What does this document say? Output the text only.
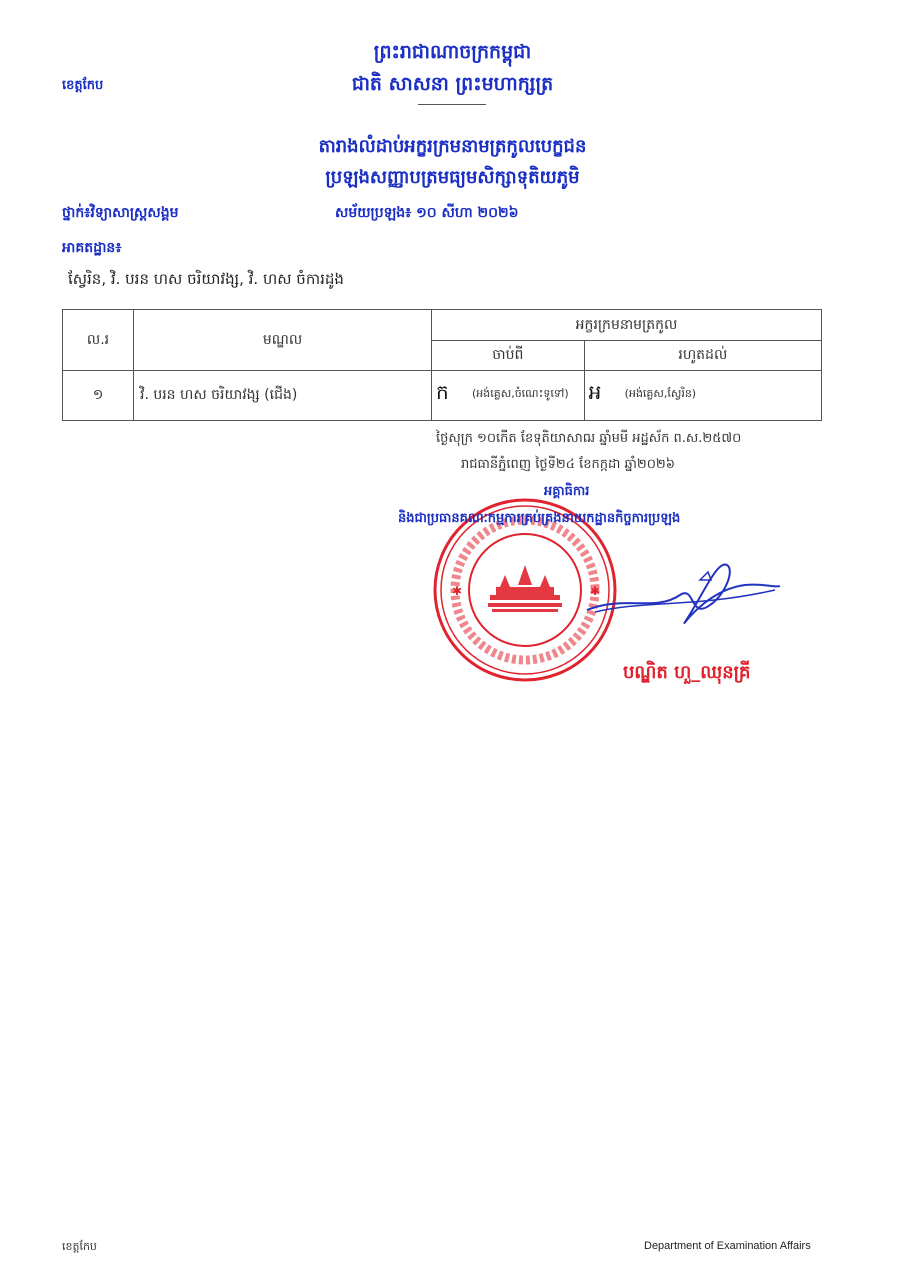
ព្រះរាជាណាចក្រកម្ពុជា
ជាតិ សាសនា ព្រះមហាក្សត្រ
ខេត្តកែប
តារាងលំដាប់អក្ខរក្រមនាមត្រកូលបេក្ខជន
ប្រឡងសញ្ញាបត្រមធ្យមសិក្សាទុតិយភូមិ
ថ្នាក់៖វិទ្យាសាស្ត្រសង្គម	សម័យប្រឡង៖ ១០ សីហា ២០២៦
អាគតដ្ឋាន៖
ស្វែរិន, វិ. បរន ហស ចរិយាវង្ស, វិ. ហស ចំការដូង
ល.រ	មណ្ឌល	អក្ខរក្រមនាមត្រកូល	
		ចាប់ពី	រហូតដល់
១	វិ. បរន ហស ចរិយាវង្ស (ជើង)	ក (អង់គ្លេស,ចំណេះទូទៅ)	អ (អង់គ្លេស,ស្វែរិន)
ថ្ងៃសុក្រ ១០កើត ខែទុតិយាសាឍ ឆ្នាំមមី អដ្ឋស័ក ព.ស.២៥៧០
រាជធានីភ្នំពេញ ថ្ងៃទី២៤ ខែកក្កដា ឆ្នាំ២០២៦
✱	✱
អគ្គាធិការ
និងជាប្រធានគណៈកម្មការគ្រប់គ្រងនាយកដ្ឋានកិច្ចការប្រឡង
បណ្ឌិត ហួ_ឈុនគ្រី
ខេត្តកែប	Department of Examination Affairs
